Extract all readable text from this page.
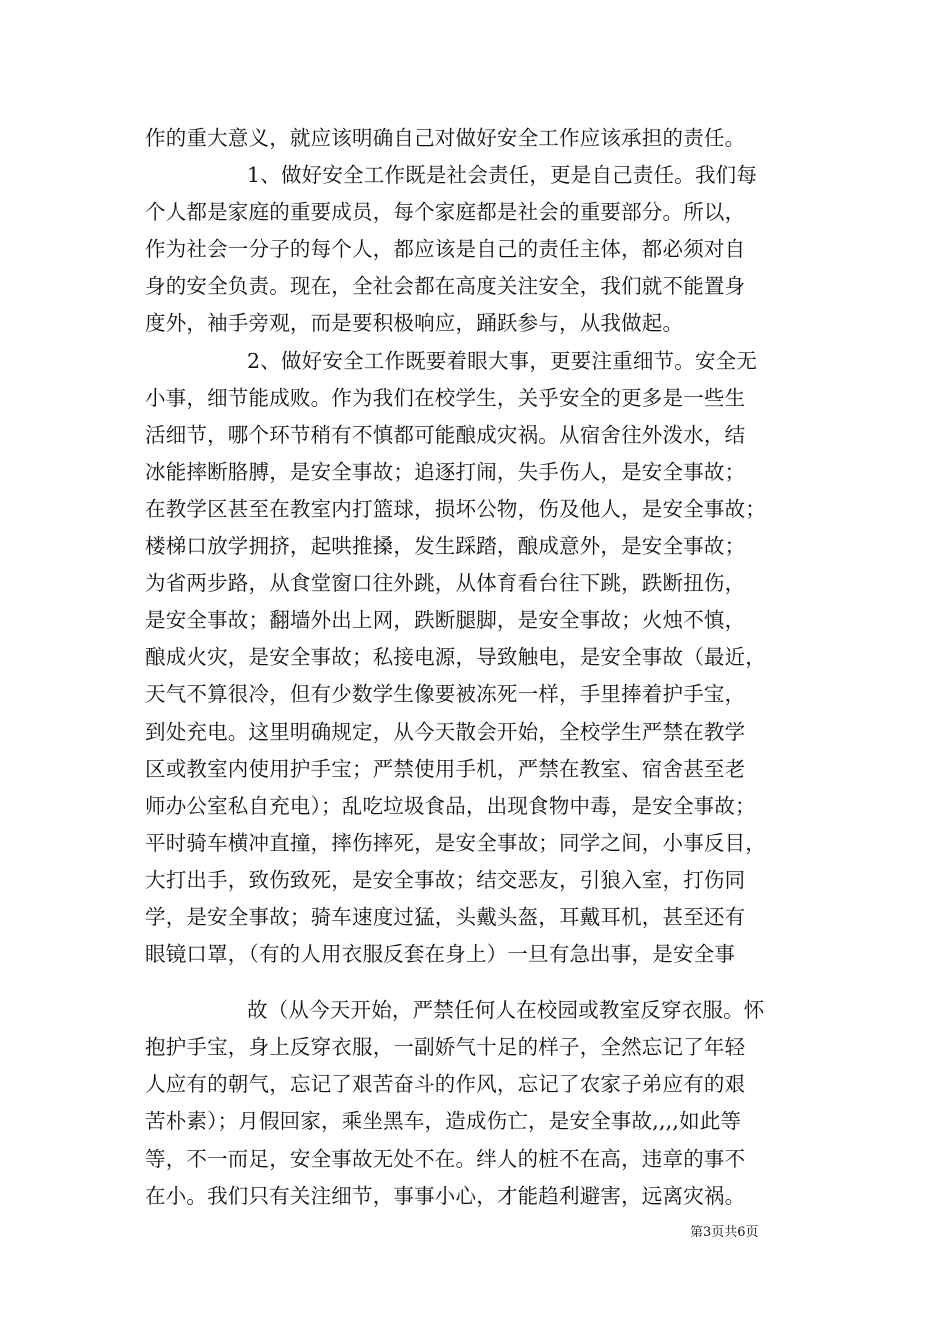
作的重大意义，就应该明确自己对做好安全工作应该承担的责任。
1、做好安全工作既是社会责任，更是自己责任。我们每
个人都是家庭的重要成员，每个家庭都是社会的重要部分。所以，
作为社会一分子的每个人，都应该是自己的责任主体，都必须对自
身的安全负责。现在，全社会都在高度关注安全，我们就不能置身
度外，袖手旁观，而是要积极响应，踊跃参与，从我做起。
2、做好安全工作既要着眼大事，更要注重细节。安全无
小事，细节能成败。作为我们在校学生，关乎安全的更多是一些生
活细节，哪个环节稍有不慎都可能酿成灾祸。从宿舍往外泼水，结
冰能摔断胳膊，是安全事故；追逐打闹，失手伤人，是安全事故；
在教学区甚至在教室内打篮球，损坏公物，伤及他人，是安全事故；
楼梯口放学拥挤，起哄推搡，发生踩踏，酿成意外，是安全事故；
为省两步路，从食堂窗口往外跳，从体育看台往下跳，跌断扭伤，
是安全事故；翻墙外出上网，跌断腿脚，是安全事故；火烛不慎，
酿成火灾，是安全事故；私接电源，导致触电，是安全事故（最近，
天气不算很冷，但有少数学生像要被冻死一样，手里捧着护手宝，
到处充电。这里明确规定，从今天散会开始，全校学生严禁在教学
区或教室内使用护手宝；严禁使用手机，严禁在教室、宿舍甚至老
师办公室私自充电）；乱吃垃圾食品，出现食物中毒，是安全事故；
平时骑车横冲直撞，摔伤摔死，是安全事故；同学之间，小事反目，
大打出手，致伤致死，是安全事故；结交恶友，引狼入室，打伤同
学，是安全事故；骑车速度过猛，头戴头盔，耳戴耳机，甚至还有
眼镜口罩，（有的人用衣服反套在身上）一旦有急出事，是安全事
故（从今天开始，严禁任何人在校园或教室反穿衣服。怀
抱护手宝，身上反穿衣服，一副娇气十足的样子，全然忘记了年轻
人应有的朝气，忘记了艰苦奋斗的作风，忘记了农家子弟应有的艰
苦朴素）；月假回家，乘坐黑车，造成伤亡，是安全事故,,,,如此等
等，不一而足，安全事故无处不在。绊人的桩不在高，违章的事不
在小。我们只有关注细节，事事小心，才能趋利避害，远离灾祸。
第3页共6页
